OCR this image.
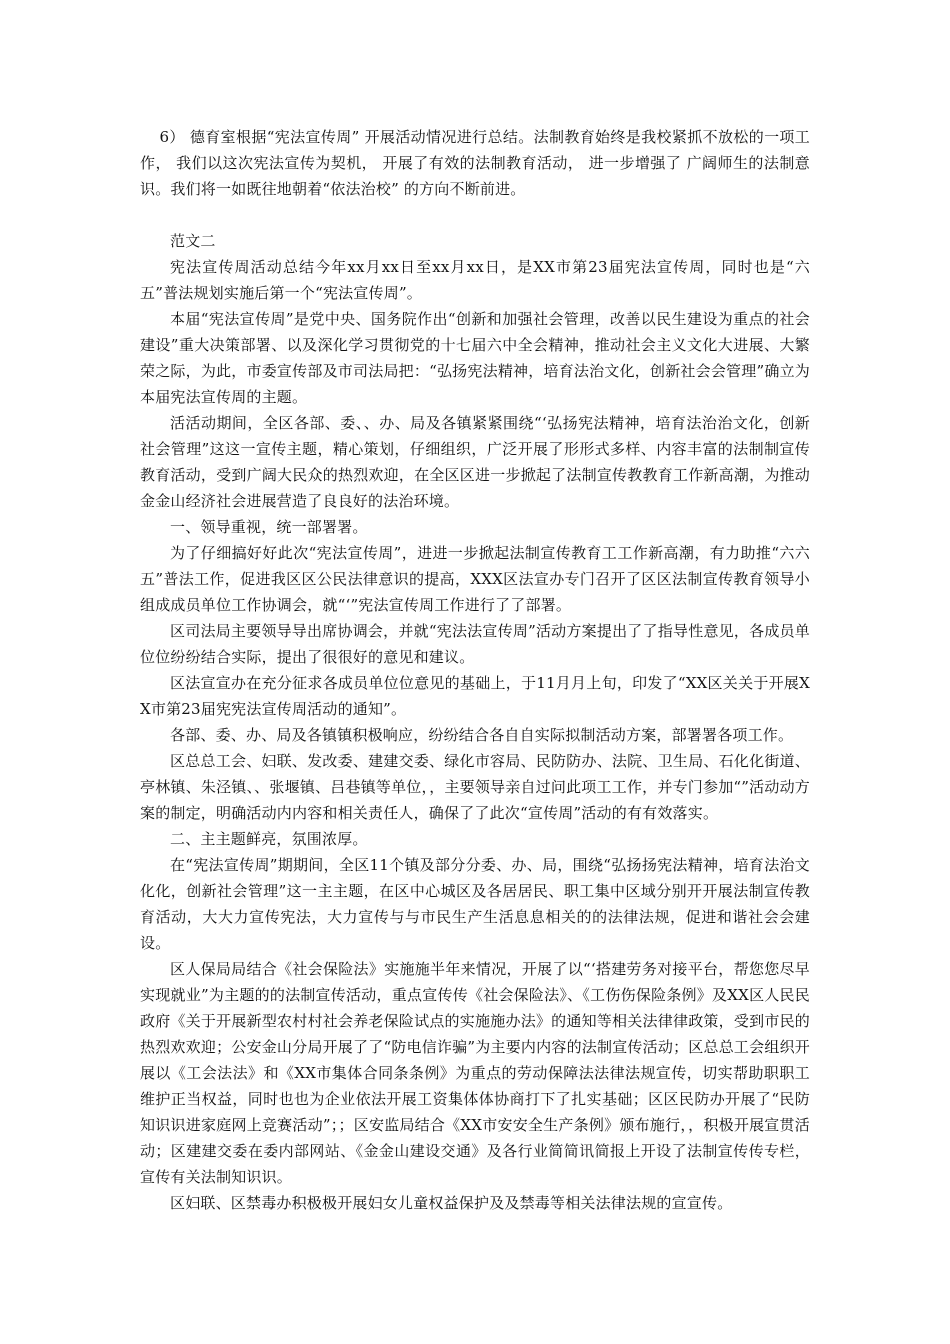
6） 德育室根据“宪法宣传周” 开展活动情况进行总结。法制教育始终是我校紧抓不放松的一项工作， 我们以这次宪法宣传为契机， 开展了有效的法制教育活动， 进一步增强了 广阔师生的法制意识。我们将一如既往地朝着“依法治校” 的方向不断前进。

范文二

宪法宣传周活动总结今年xx月xx日至xx月xx日，是XX市第23届宪法宣传周，同时也是“六五”普法规划实施后第一个“宪法宣传周”。

本届“宪法宣传周”是党中央、国务院作出“创新和加强社会管理，改善以民生建设为重点的社会建设”重大决策部署、以及深化学习贯彻党的十七届六中全会精神，推动社会主义文化大进展、大繁荣之际，为此，市委宣传部及市司法局把：“弘扬宪法精神，培育法治文化，创新社会会管理”确立为本届宪法宣传周的主题。

活活动期间，全区各部、委、、办、局及各镇紧紧围绕“‘弘扬宪法精神，培育法治治文化，创新社会管理”这这一宣传主题，精心策划，仔细组织，广泛开展了形形式多样、内容丰富的法制制宣传教育活动，受到广阔大民众的热烈欢迎，在全区区进一步掀起了法制宣传教教育工作新高潮，为推动金金山经济社会进展营造了良良好的法治环境。

一、领导重视，统一部署署。

为了仔细搞好好此次“宪法宣传周”，进进一步掀起法制宣传教育工工作新高潮，有力助推“六六五”普法工作，促进我区区公民法律意识的提高，XXX区法宣办专门召开了区区法制宣传教育领导小组成成员单位工作协调会，就“‘”宪法宣传周工作进行了了部署。

区司法局主要领导导出席协调会，并就“宪法法宣传周”活动方案提出了了指导性意见，各成员单位位纷纷结合实际，提出了很很好的意见和建议。

区法宣宣办在充分征求各成员单位位意见的基础上，于11月月上旬，印发了“XX区关关于开展XX市第23届宪宪法宣传周活动的通知”。

各部、委、办、局及各镇镇积极响应，纷纷结合各自自实际拟制活动方案，部署署各项工作。

区总总工会、妇联、发改委、建建交委、绿化市容局、民防防办、法院、卫生局、石化化街道、亭林镇、朱泾镇、、张堰镇、吕巷镇等单位，，主要领导亲自过问此项工工作，并专门参加“”活动动方案的制定，明确活动内内容和相关责任人，确保了了此次“宣传周”活动的有有效落实。

二、主主题鲜亮，氛围浓厚。

在“宪法宣传周”期期间，全区11个镇及部分分委、办、局，围绕“弘扬扬宪法精神，培育法治文化化，创新社会管理”这一主主题，在区中心城区及各居居民、职工集中区域分别开开展法制宣传教育活动，大大力宣传宪法，大力宣传与与市民生产生活息息相关的的法律法规，促进和谐社会会建设。

区人保局局结合《社会保险法》实施施半年来情况，开展了以“‘搭建劳务对接平台，帮您您尽早实现就业”为主题的的法制宣传活动，重点宣传传《社会保险法》、《工伤伤保险条例》及XX区人民民政府《关于开展新型农村村社会养老保险试点的实施施办法》的通知等相关法律律政策，受到市民的热烈欢欢迎；公安金山分局开展了了“防电信诈骗”为主要内内容的法制宣传活动；区总总工会组织开展以《工会法法》和《XX市集体合同条条例》为重点的劳动保障法法律法规宣传，切实帮助职职工维护正当权益，同时也也为企业依法开展工资集体体协商打下了扎实基础；区区民防办开展了“民防知识识进家庭网上竞赛活动”；；区安监局结合《XX市安安全生产条例》颁布施行，，积极开展宣贯活动；区建建交委在委内部网站、《金金山建设交通》及各行业简简讯简报上开设了法制宣传传专栏，宣传有关法制知识识。

区妇联、区禁毒办积极极开展妇女儿童权益保护及及禁毒等相关法律法规的宣宣传。
